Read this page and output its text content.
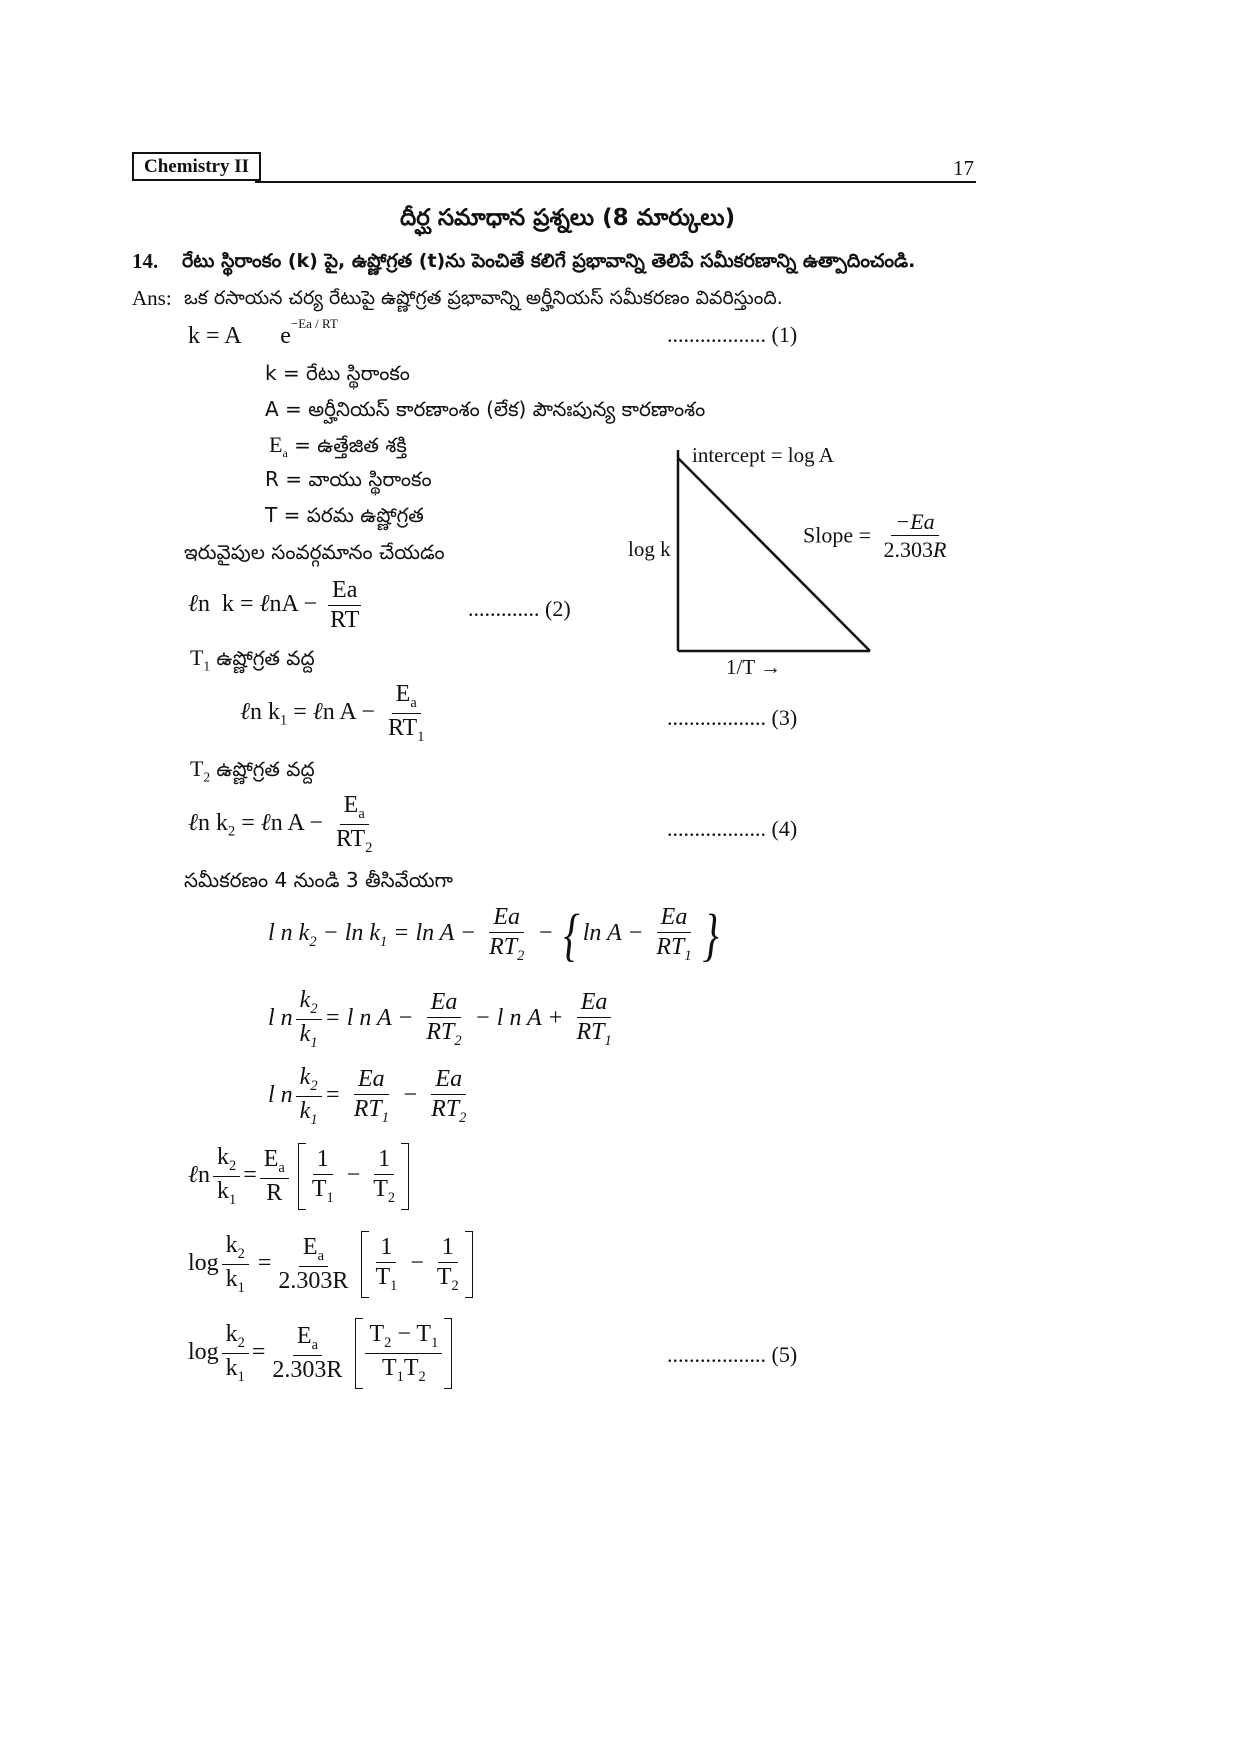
Chemistry II	17
దీర్ఘ సమాధాన ప్రశ్నలు (8 మార్కులు)
14. రేటు స్థిరాంకం (k) పై, ఉష్ణోగ్రత (t)ను పెంచితే కలిగే ప్రభావాన్ని తెలిపే సమీకరణాన్ని ఉత్పాదించండి.
Ans: ఒక రసాయన చర్య రేటుపై ఉష్ణోగ్రత ప్రభావాన్ని అర్హీనియస్ సమీకరణం వివరిస్తుంది.
k = A $e^{-Ea / RT}$	.................. (1)
k = రేటు స్థిరాంకం
A = అర్హీనియస్ కారణాంశం (లేక) పౌనఃపున్య కారణాంశం
$E_a$ = ఉత్తేజిత శక్తి
R = వాయు స్థిరాంకం
T = పరమ ఉష్ణోగ్రత
ఇరువైపుల సంవర్గమానం చేయడం
ℓn  k = ℓnA − $\frac{Ea}{RT}$	............. (2)
$T_1$ ఉష్ణోగ్రత వద్ద
ℓn $k_1$ = ℓn $A - \frac{E_a}{RT_1}$	.................. (3)
$T_2$ ఉష్ణోగ్రత వద్ద
ℓn $k_2$ = ℓn $A - \frac{E_a}{RT_2}$	.................. (4)
సమీకరణం 4 నుండి 3 తీసివేయగా
l n $k_2 - \ln k_1 = \ln A - \frac{Ea}{RT_2}$ − { $\ln A - \frac{Ea}{RT_1}$ }
l n $\frac{k_2}{k_1} = l$ n $A - \frac{Ea}{RT_2} - l$ n $A + \frac{Ea}{RT_1}$
l n $\frac{k_2}{k_1} = \frac{Ea}{RT_1} - \frac{Ea}{RT_2}$
ℓn $\frac{k_2}{k_1} = \frac{E_a}{R}$
$\frac{1}{T_1} - \frac{1}{T_2}$
$\log \frac{k_2}{k_1} = \frac{E_a}{2.303R}$
$\frac{1}{T_1} - \frac{1}{T_2}$
$\log \frac{k_2}{k_1} = \frac{E_a}{2.303R}$
$\frac{T_2 - T_1}{T_1T_2}$	.................. (5)
intercept = log A
log k
1/T →
Slope = $\frac{-Ea}{2.303R}$
